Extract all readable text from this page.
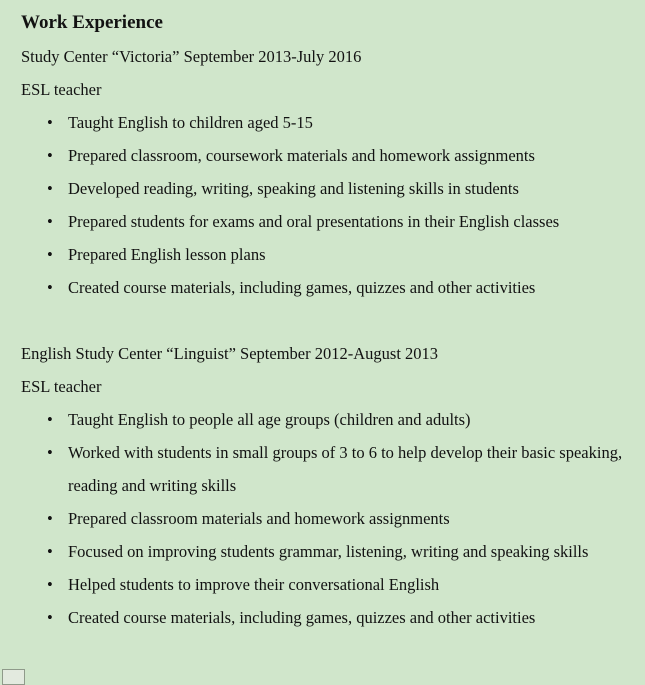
Work Experience

Study Center “Victoria” September 2013-July 2016

ESL teacher

• Taught English to children aged 5-15
• Prepared classroom, coursework materials and homework assignments
• Developed reading, writing, speaking and listening skills in students
• Prepared students for exams and oral presentations in their English classes
• Prepared English lesson plans
• Created course materials, including games, quizzes and other activities

English Study Center “Linguist” September 2012-August 2013

ESL teacher

• Taught English to people all age groups (children and adults)
• Worked with students in small groups of 3 to 6 to help develop their basic speaking, reading and writing skills
• Prepared classroom materials and homework assignments
• Focused on improving students grammar, listening, writing and speaking skills
• Helped students to improve their conversational English
• Created course materials, including games, quizzes and other activities
